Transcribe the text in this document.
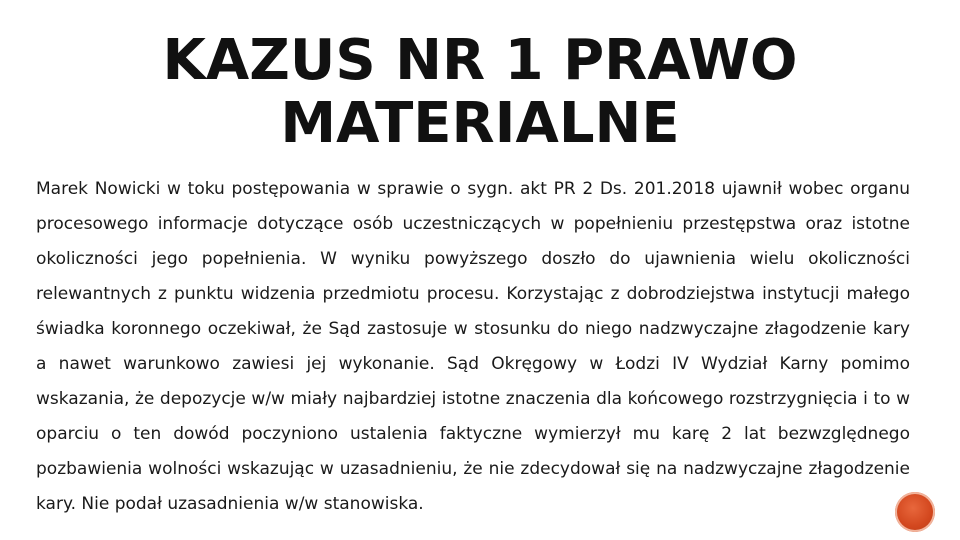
KAZUS NR 1 PRAWO
MATERIALNE

Marek Nowicki w toku postępowania w sprawie o sygn. akt PR 2 Ds. 201.2018 ujawnił wobec organu procesowego informacje dotyczące osób uczestniczących w popełnieniu przestępstwa oraz istotne okoliczności jego popełnienia. W wyniku powyższego doszło do ujawnienia wielu okoliczności relewantnych z punktu widzenia przedmiotu procesu. Korzystając z dobrodziejstwa instytucji małego świadka koronnego oczekiwał, że Sąd zastosuje w stosunku do niego nadzwyczajne złagodzenie kary a nawet warunkowo zawiesi jej wykonanie. Sąd Okręgowy w Łodzi IV Wydział Karny pomimo wskazania, że depozycje w/w miały najbardziej istotne znaczenia dla końcowego rozstrzygnięcia i to w oparciu o ten dowód poczyniono ustalenia faktyczne wymierzył mu karę 2 lat bezwzględnego pozbawienia wolności wskazując w uzasadnieniu, że nie zdecydował się na nadzwyczajne złagodzenie kary. Nie podał uzasadnienia w/w stanowiska.
